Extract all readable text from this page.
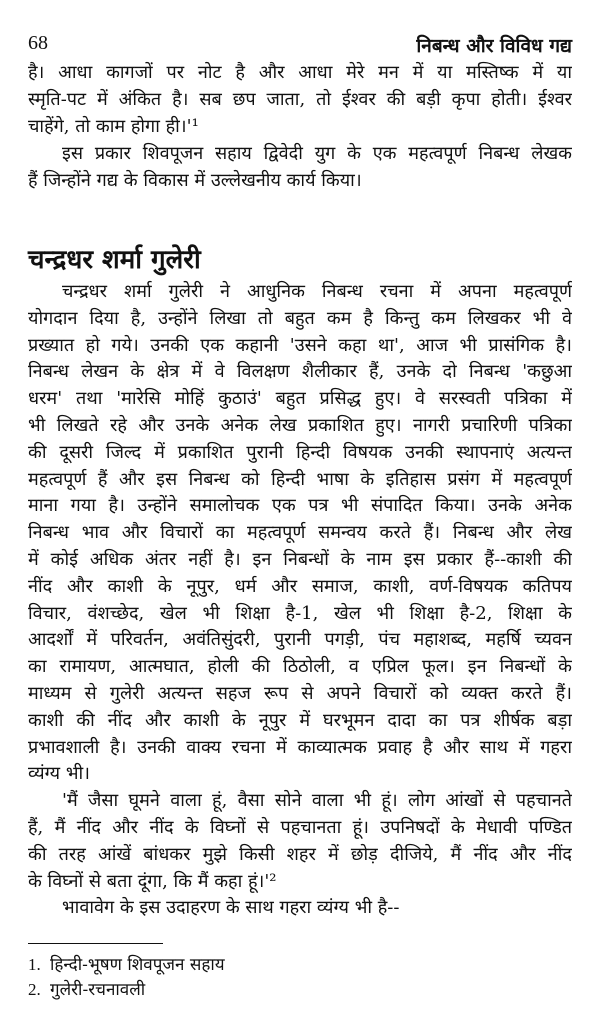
68	निबन्ध और विविध गद्य
है। आधा कागजों पर नोट है और आधा मेरे मन में या मस्तिष्क में या
स्मृति-पट में अंकित है। सब छप जाता, तो ईश्वर की बड़ी कृपा होती। ईश्वर
चाहेंगे, तो काम होगा ही।'¹
इस प्रकार शिवपूजन सहाय द्विवेदी युग के एक महत्वपूर्ण निबन्ध लेखक
हैं जिन्होंने गद्य के विकास में उल्लेखनीय कार्य किया।
चन्द्रधर शर्मा गुलेरी
चन्द्रधर शर्मा गुलेरी ने आधुनिक निबन्ध रचना में अपना महत्वपूर्ण
योगदान दिया है, उन्होंने लिखा तो बहुत कम है किन्तु कम लिखकर भी वे
प्रख्यात हो गये। उनकी एक कहानी 'उसने कहा था', आज भी प्रासंगिक है।
निबन्ध लेखन के क्षेत्र में वे विलक्षण शैलीकार हैं, उनके दो निबन्ध 'कछुआ
धरम' तथा 'मारेसि मोहिं कुठाउं' बहुत प्रसिद्ध हुए। वे सरस्वती पत्रिका में
भी लिखते रहे और उनके अनेक लेख प्रकाशित हुए। नागरी प्रचारिणी पत्रिका
की दूसरी जिल्द में प्रकाशित पुरानी हिन्दी विषयक उनकी स्थापनाएं अत्यन्त
महत्वपूर्ण हैं और इस निबन्ध को हिन्दी भाषा के इतिहास प्रसंग में महत्वपूर्ण
माना गया है। उन्होंने समालोचक एक पत्र भी संपादित किया। उनके अनेक
निबन्ध भाव और विचारों का महत्वपूर्ण समन्वय करते हैं। निबन्ध और लेख
में कोई अधिक अंतर नहीं है। इन निबन्धों के नाम इस प्रकार हैं--काशी की
नींद और काशी के नूपुर, धर्म और समाज, काशी, वर्ण-विषयक कतिपय
विचार, वंशच्छेद, खेल भी शिक्षा है-1, खेल भी शिक्षा है-2, शिक्षा के
आदर्शों में परिवर्तन, अवंतिसुंदरी, पुरानी पगड़ी, पंच महाशब्द, महर्षि च्यवन
का रामायण, आत्मघात, होली की ठिठोली, व एप्रिल फूल। इन निबन्धों के
माध्यम से गुलेरी अत्यन्त सहज रूप से अपने विचारों को व्यक्त करते हैं।
काशी की नींद और काशी के नूपुर में घरभूमन दादा का पत्र शीर्षक बड़ा
प्रभावशाली है। उनकी वाक्य रचना में काव्यात्मक प्रवाह है और साथ में गहरा
व्यंग्य भी।
'मैं जैसा घूमने वाला हूं, वैसा सोने वाला भी हूं। लोग आंखों से पहचानते
हैं, मैं नींद और नींद के विघ्नों से पहचानता हूं। उपनिषदों के मेधावी पण्डित
की तरह आंखें बांधकर मुझे किसी शहर में छोड़ दीजिये, मैं नींद और नींद
के विघ्नों से बता दूंगा, कि मैं कहा हूं।'²
भावावेग के इस उदाहरण के साथ गहरा व्यंग्य भी है--
1. हिन्दी-भूषण शिवपूजन सहाय
2. गुलेरी-रचनावली
